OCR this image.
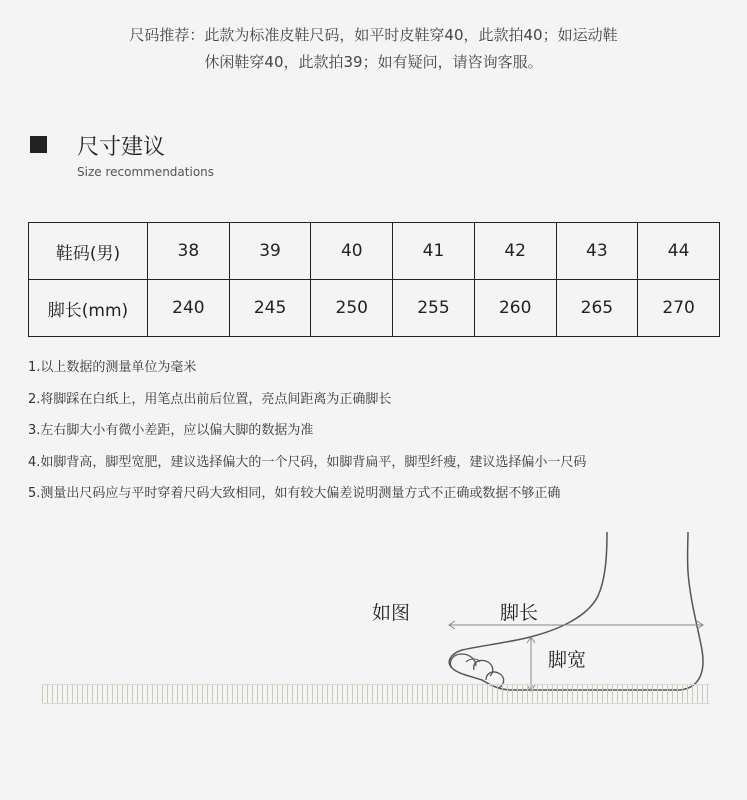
尺码推荐：此款为标准皮鞋尺码，如平时皮鞋穿40，此款拍40；如运动鞋
休闲鞋穿40，此款拍39；如有疑问，请咨询客服。
尺寸建议
Size recommendations
鞋码(男)	38	39	40	41	42	43	44
脚长(mm)	240	245	250	255	260	265	270
1.以上数据的测量单位为毫米
2.将脚踩在白纸上，用笔点出前后位置，亮点间距离为正确脚长
3.左右脚大小有微小差距，应以偏大脚的数据为准
4.如脚背高，脚型宽肥，建议选择偏大的一个尺码，如脚背扁平，脚型纤瘦，建议选择偏小一尺码
5.测量出尺码应与平时穿着尺码大致相同，如有较大偏差说明测量方式不正确或数据不够正确
如图	脚长
脚宽
